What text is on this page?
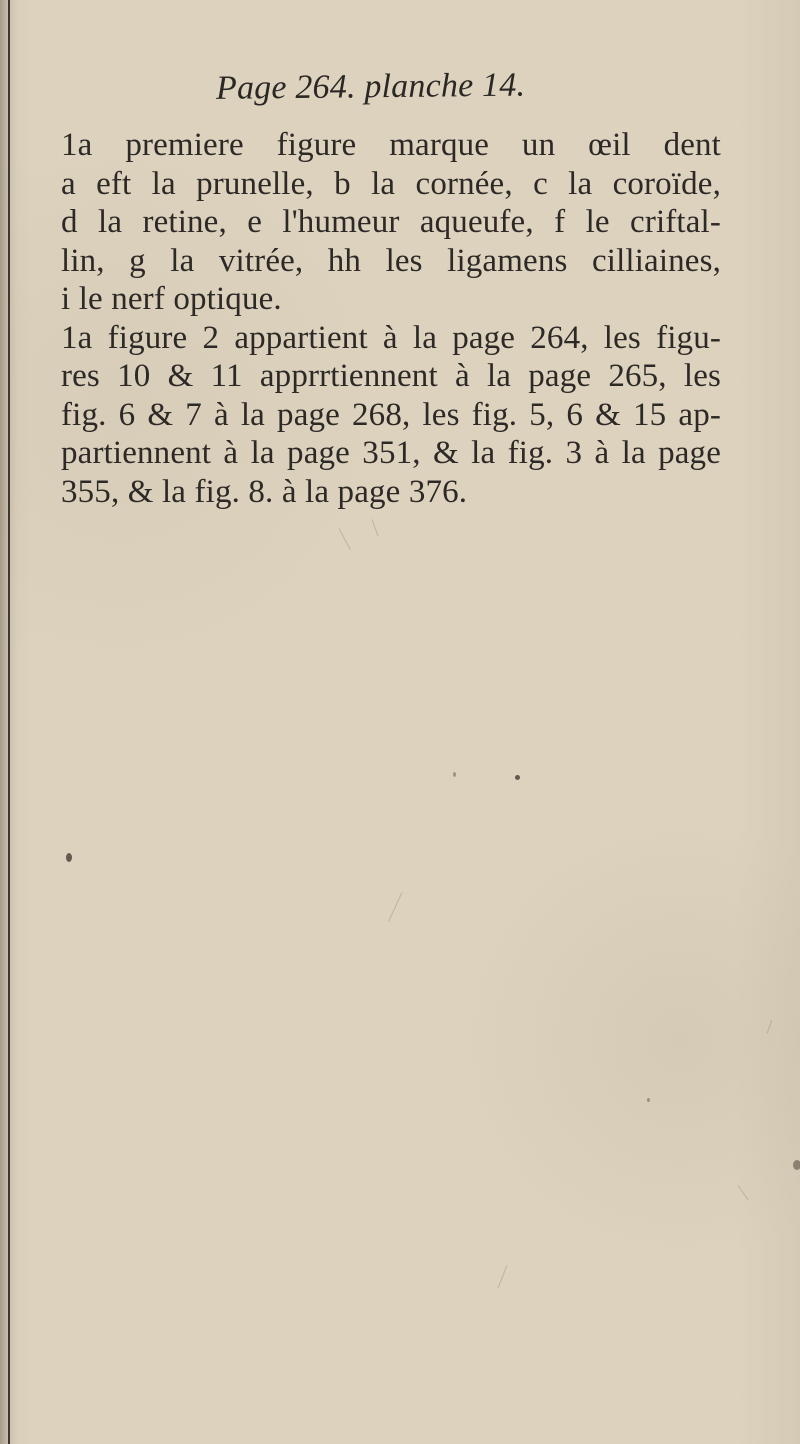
Page 264. planche 14.
1a premiere figure marque un œil dent
a eft la prunelle, b la cornée, c la coroïde,
d la retine, e l'humeur aqueufe, f le criftal-
lin, g la vitrée, hh les ligamens cilliaines,
i le nerf optique.
1a figure 2 appartient à la page 264, les figu-
res 10 & 11 apprrtiennent à la page 265, les
fig. 6 & 7 à la page 268, les fig. 5, 6 & 15 ap-
partiennent à la page 351, & la fig. 3 à la page
355, & la fig. 8. à la page 376.
